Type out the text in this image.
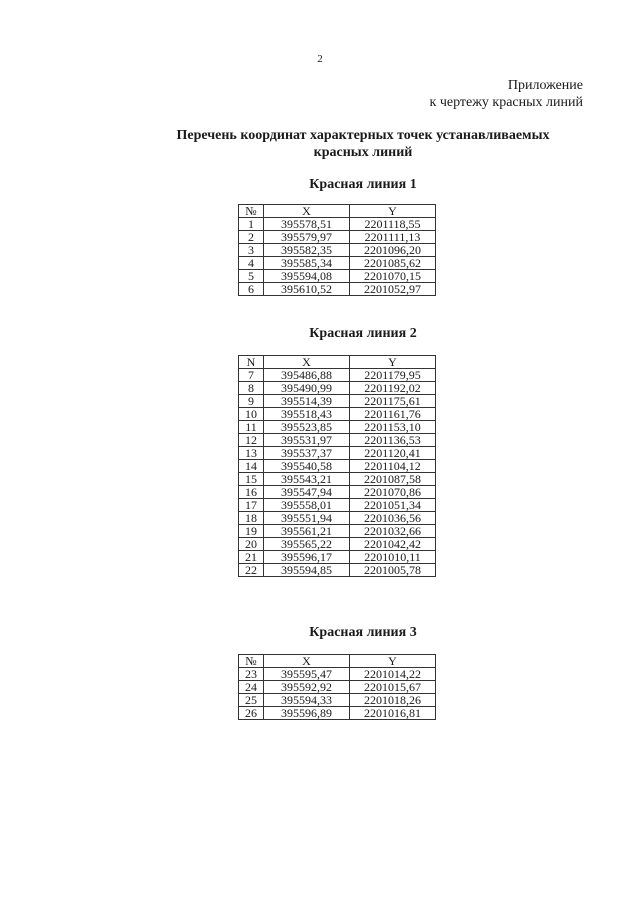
2
Приложение
к чертежу красных линий
Перечень координат характерных точек устанавливаемых
красных линий
Красная линия 1
№	X	Y
1	395578,51	2201118,55
2	395579,97	2201111,13
3	395582,35	2201096,20
4	395585,34	2201085,62
5	395594,08	2201070,15
6	395610,52	2201052,97
Красная линия 2
N	X	Y
7	395486,88	2201179,95
8	395490,99	2201192,02
9	395514,39	2201175,61
10	395518,43	2201161,76
11	395523,85	2201153,10
12	395531,97	2201136,53
13	395537,37	2201120,41
14	395540,58	2201104,12
15	395543,21	2201087,58
16	395547,94	2201070,86
17	395558,01	2201051,34
18	395551,94	2201036,56
19	395561,21	2201032,66
20	395565,22	2201042,42
21	395596,17	2201010,11
22	395594,85	2201005,78
Красная линия 3
№	X	Y
23	395595,47	2201014,22
24	395592,92	2201015,67
25	395594,33	2201018,26
26	395596,89	2201016,81
